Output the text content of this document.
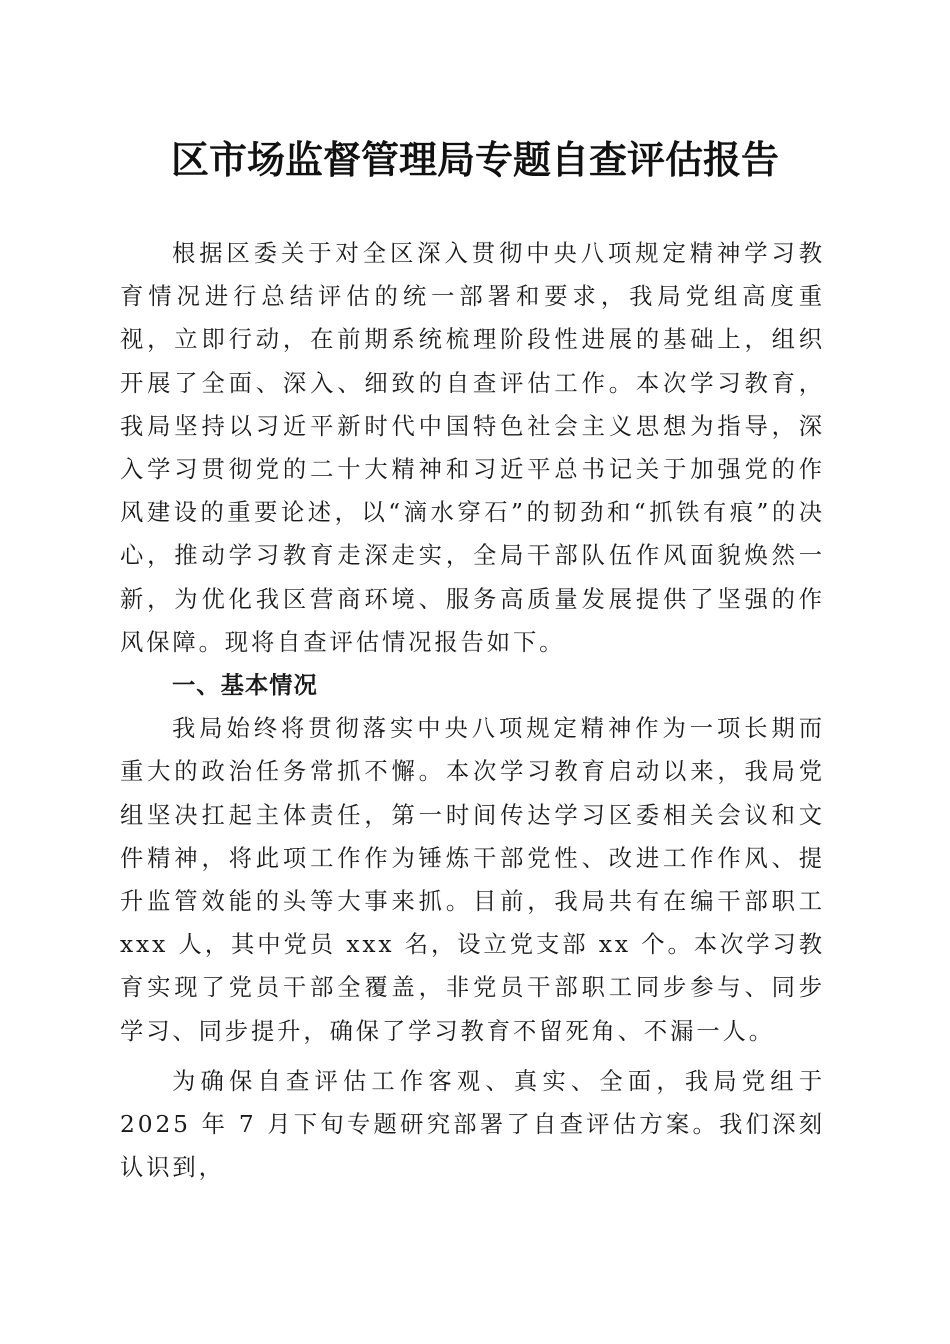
区市场监督管理局专题自查评估报告

根据区委关于对全区深入贯彻中央八项规定精神学习教育情况进行总结评估的统一部署和要求，我局党组高度重视，立即行动，在前期系统梳理阶段性进展的基础上，组织开展了全面、深入、细致的自查评估工作。本次学习教育，我局坚持以习近平新时代中国特色社会主义思想为指导，深入学习贯彻党的二十大精神和习近平总书记关于加强党的作风建设的重要论述，以“滴水穿石”的韧劲和“抓铁有痕”的决心，推动学习教育走深走实，全局干部队伍作风面貌焕然一新，为优化我区营商环境、服务高质量发展提供了坚强的作风保障。现将自查评估情况报告如下。

一、基本情况

我局始终将贯彻落实中央八项规定精神作为一项长期而重大的政治任务常抓不懈。本次学习教育启动以来，我局党组坚决扛起主体责任，第一时间传达学习区委相关会议和文件精神，将此项工作作为锤炼干部党性、改进工作作风、提升监管效能的头等大事来抓。目前，我局共有在编干部职工 xxx 人，其中党员 xxx 名，设立党支部 xx 个。本次学习教育实现了党员干部全覆盖，非党员干部职工同步参与、同步学习、同步提升，确保了学习教育不留死角、不漏一人。

为确保自查评估工作客观、真实、全面，我局党组于 2025 年 7 月下旬专题研究部署了自查评估方案。我们深刻认识到，
